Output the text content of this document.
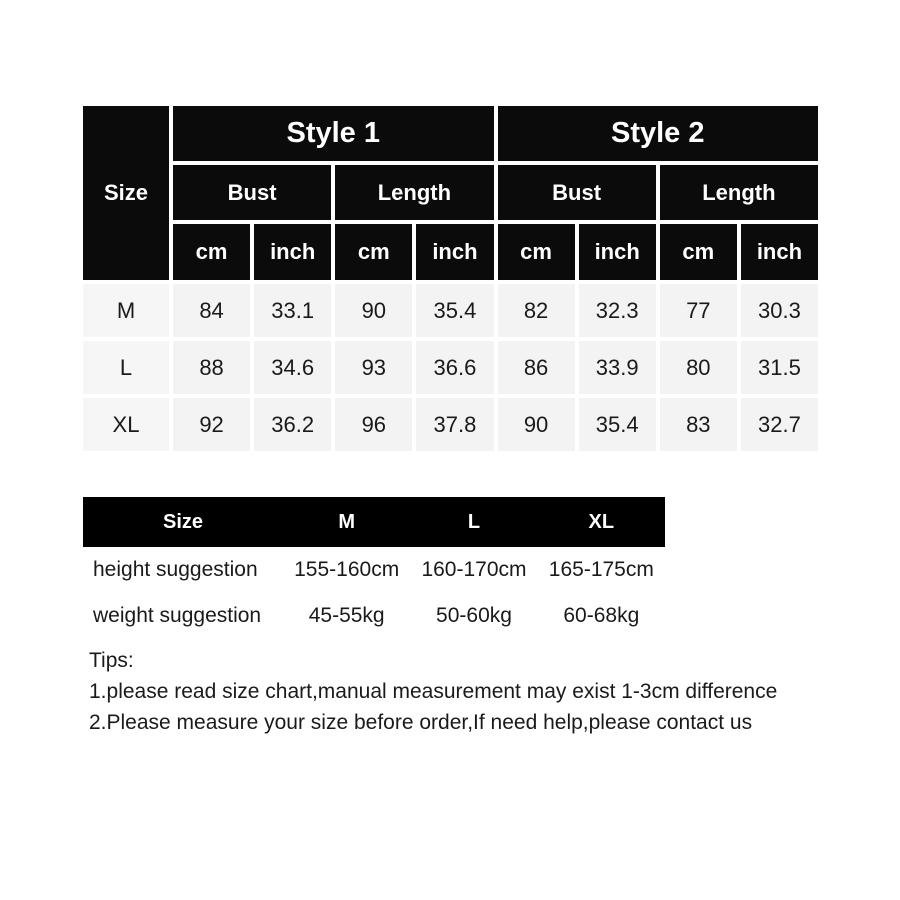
Size	Style 1				Style 2			
	Bust		Length		Bust		Length	
	cm	inch	cm	inch	cm	inch	cm	inch
M	84	33.1	90	35.4	82	32.3	77	30.3
L	88	34.6	93	36.6	86	33.9	80	31.5
XL	92	36.2	96	37.8	90	35.4	83	32.7
Size	M	L	XL
height suggestion	155-160cm	160-170cm	165-175cm
weight suggestion	45-55kg	50-60kg	60-68kg
Tips:
1.please read size chart,manual measurement may exist 1-3cm difference
2.Please measure your size before order,If need help,please contact us
